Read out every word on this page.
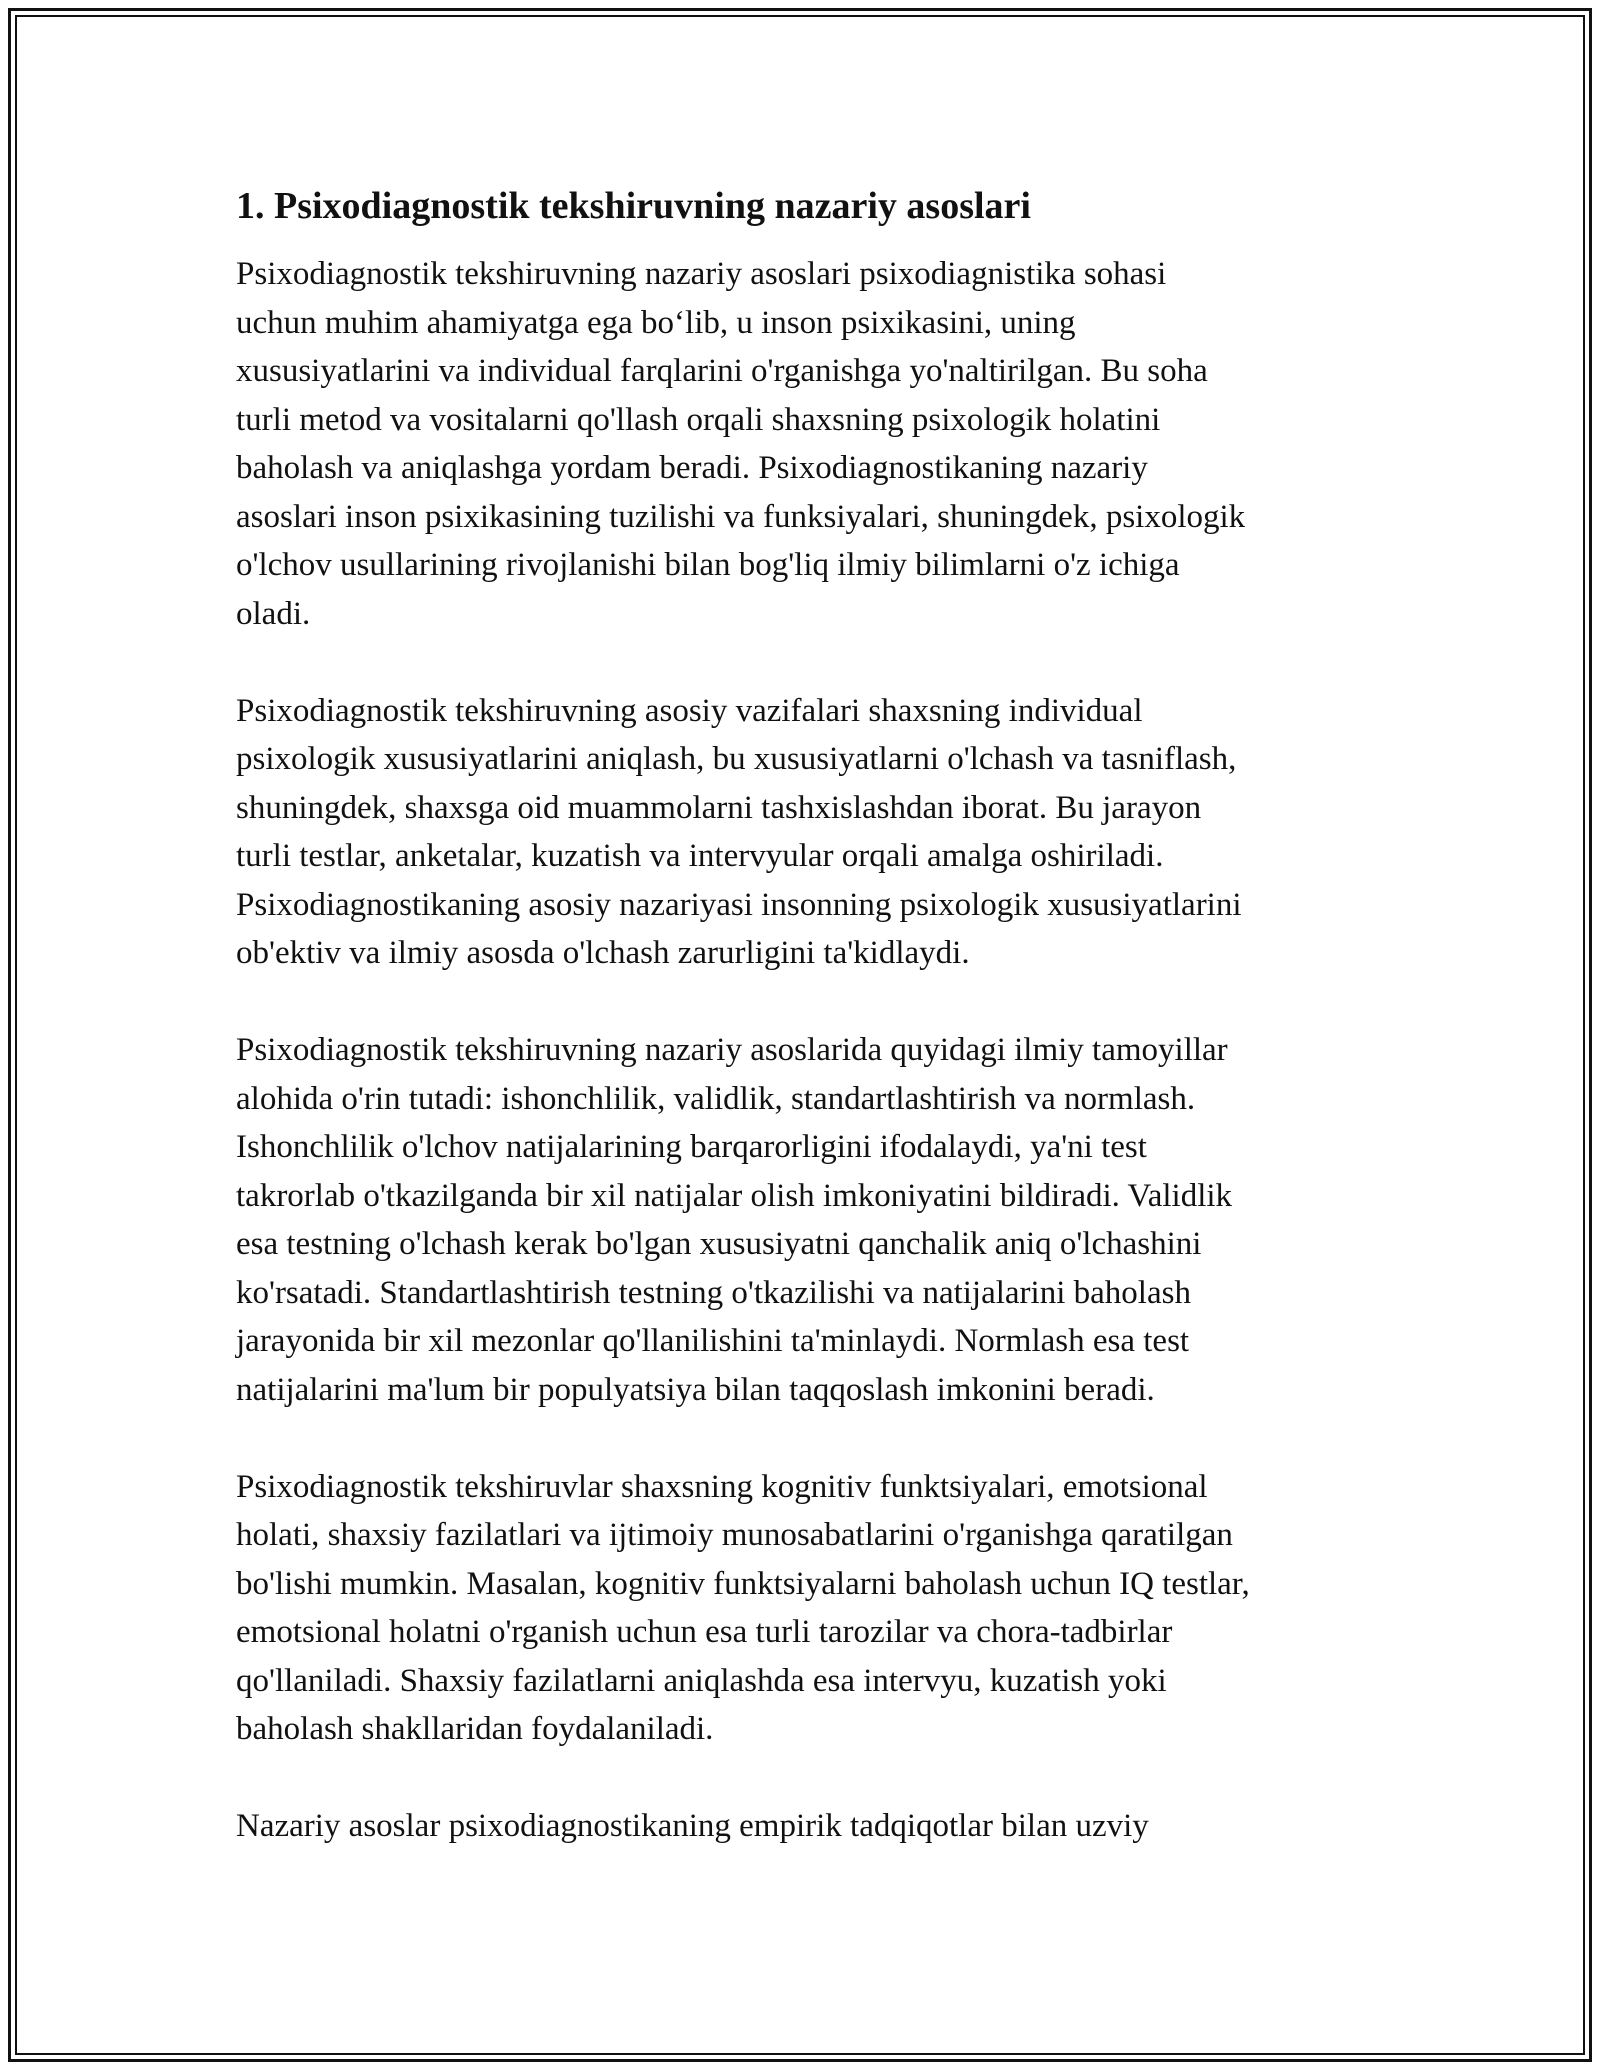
1. Psixodiagnostik tekshiruvning nazariy asoslari
Psixodiagnostik tekshiruvning nazariy asoslari psixodiagnistika sohasi
uchun muhim ahamiyatga ega bo‘lib, u inson psixikasini, uning
xususiyatlarini va individual farqlarini o'rganishga yo'naltirilgan. Bu soha
turli metod va vositalarni qo'llash orqali shaxsning psixologik holatini
baholash va aniqlashga yordam beradi. Psixodiagnostikaning nazariy
asoslari inson psixikasining tuzilishi va funksiyalari, shuningdek, psixologik
o'lchov usullarining rivojlanishi bilan bog'liq ilmiy bilimlarni o'z ichiga
oladi.
Psixodiagnostik tekshiruvning asosiy vazifalari shaxsning individual
psixologik xususiyatlarini aniqlash, bu xususiyatlarni o'lchash va tasniflash,
shuningdek, shaxsga oid muammolarni tashxislashdan iborat. Bu jarayon
turli testlar, anketalar, kuzatish va intervyular orqali amalga oshiriladi.
Psixodiagnostikaning asosiy nazariyasi insonning psixologik xususiyatlarini
ob'ektiv va ilmiy asosda o'lchash zarurligini ta'kidlaydi.
Psixodiagnostik tekshiruvning nazariy asoslarida quyidagi ilmiy tamoyillar
alohida o'rin tutadi: ishonchlilik, validlik, standartlashtirish va normlash.
Ishonchlilik o'lchov natijalarining barqarorligini ifodalaydi, ya'ni test
takrorlab o'tkazilganda bir xil natijalar olish imkoniyatini bildiradi. Validlik
esa testning o'lchash kerak bo'lgan xususiyatni qanchalik aniq o'lchashini
ko'rsatadi. Standartlashtirish testning o'tkazilishi va natijalarini baholash
jarayonida bir xil mezonlar qo'llanilishini ta'minlaydi. Normlash esa test
natijalarini ma'lum bir populyatsiya bilan taqqoslash imkonini beradi.
Psixodiagnostik tekshiruvlar shaxsning kognitiv funktsiyalari, emotsional
holati, shaxsiy fazilatlari va ijtimoiy munosabatlarini o'rganishga qaratilgan
bo'lishi mumkin. Masalan, kognitiv funktsiyalarni baholash uchun IQ testlar,
emotsional holatni o'rganish uchun esa turli tarozilar va chora-tadbirlar
qo'llaniladi. Shaxsiy fazilatlarni aniqlashda esa intervyu, kuzatish yoki
baholash shakllaridan foydalaniladi.
Nazariy asoslar psixodiagnostikaning empirik tadqiqotlar bilan uzviy
